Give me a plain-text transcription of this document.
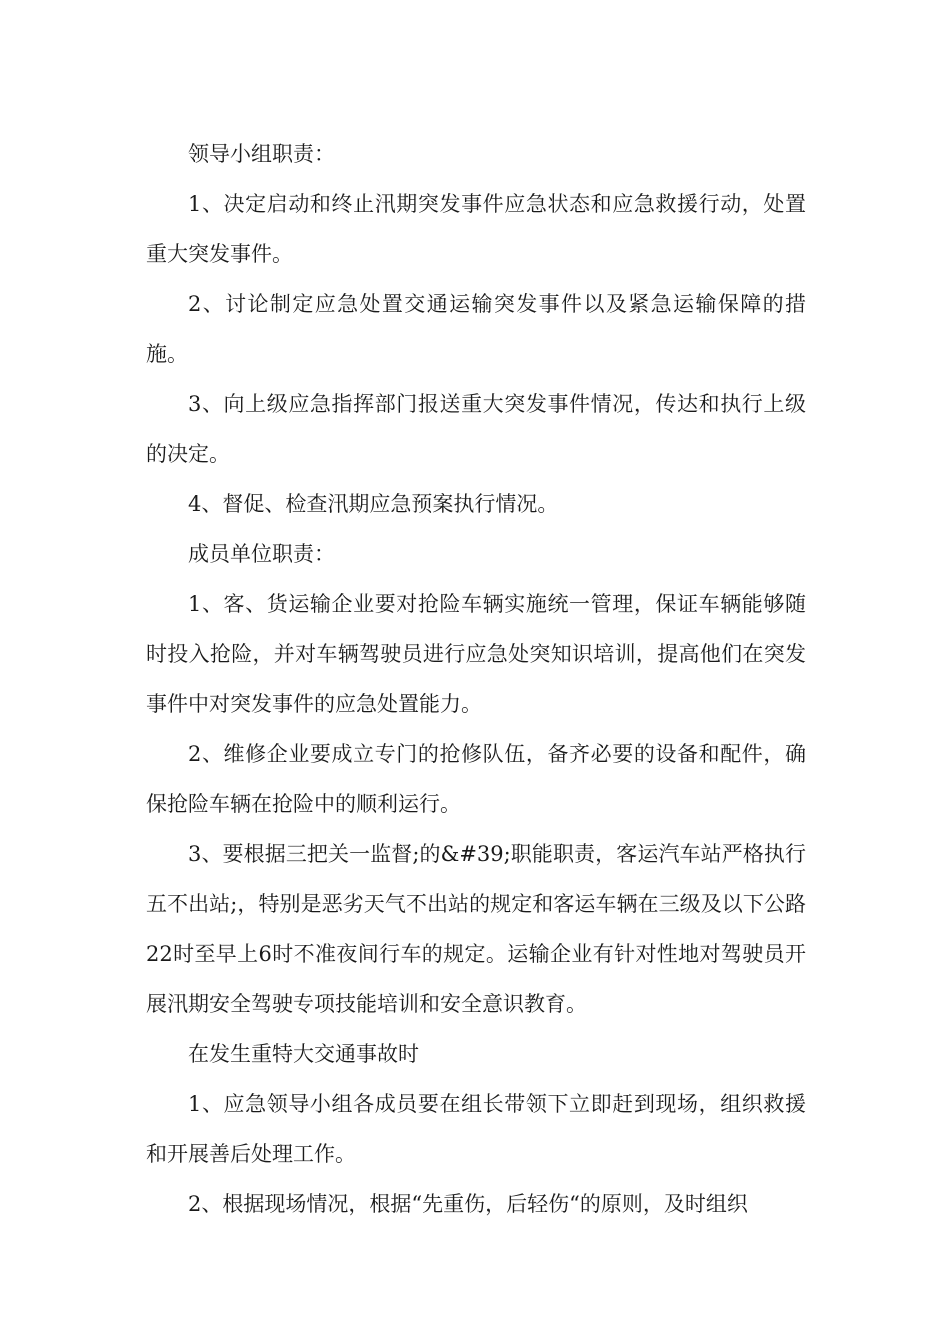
领导小组职责：

1、决定启动和终止汛期突发事件应急状态和应急救援行动，处置重大突发事件。

2、讨论制定应急处置交通运输突发事件以及紧急运输保障的措施。

3、向上级应急指挥部门报送重大突发事件情况，传达和执行上级的决定。

4、督促、检查汛期应急预案执行情况。

成员单位职责：

1、客、货运输企业要对抢险车辆实施统一管理，保证车辆能够随时投入抢险，并对车辆驾驶员进行应急处突知识培训，提高他们在突发事件中对突发事件的应急处置能力。

2、维修企业要成立专门的抢修队伍，备齐必要的设备和配件，确保抢险车辆在抢险中的顺利运行。

3、要根据三把关一监督;的&#39;职能职责，客运汽车站严格执行五不出站;，特别是恶劣天气不出站的规定和客运车辆在三级及以下公路22时至早上6时不准夜间行车的规定。运输企业有针对性地对驾驶员开展汛期安全驾驶专项技能培训和安全意识教育。

在发生重特大交通事故时

1、应急领导小组各成员要在组长带领下立即赶到现场，组织救援和开展善后处理工作。

2、根据现场情况，根据“先重伤，后轻伤“的原则，及时组织
